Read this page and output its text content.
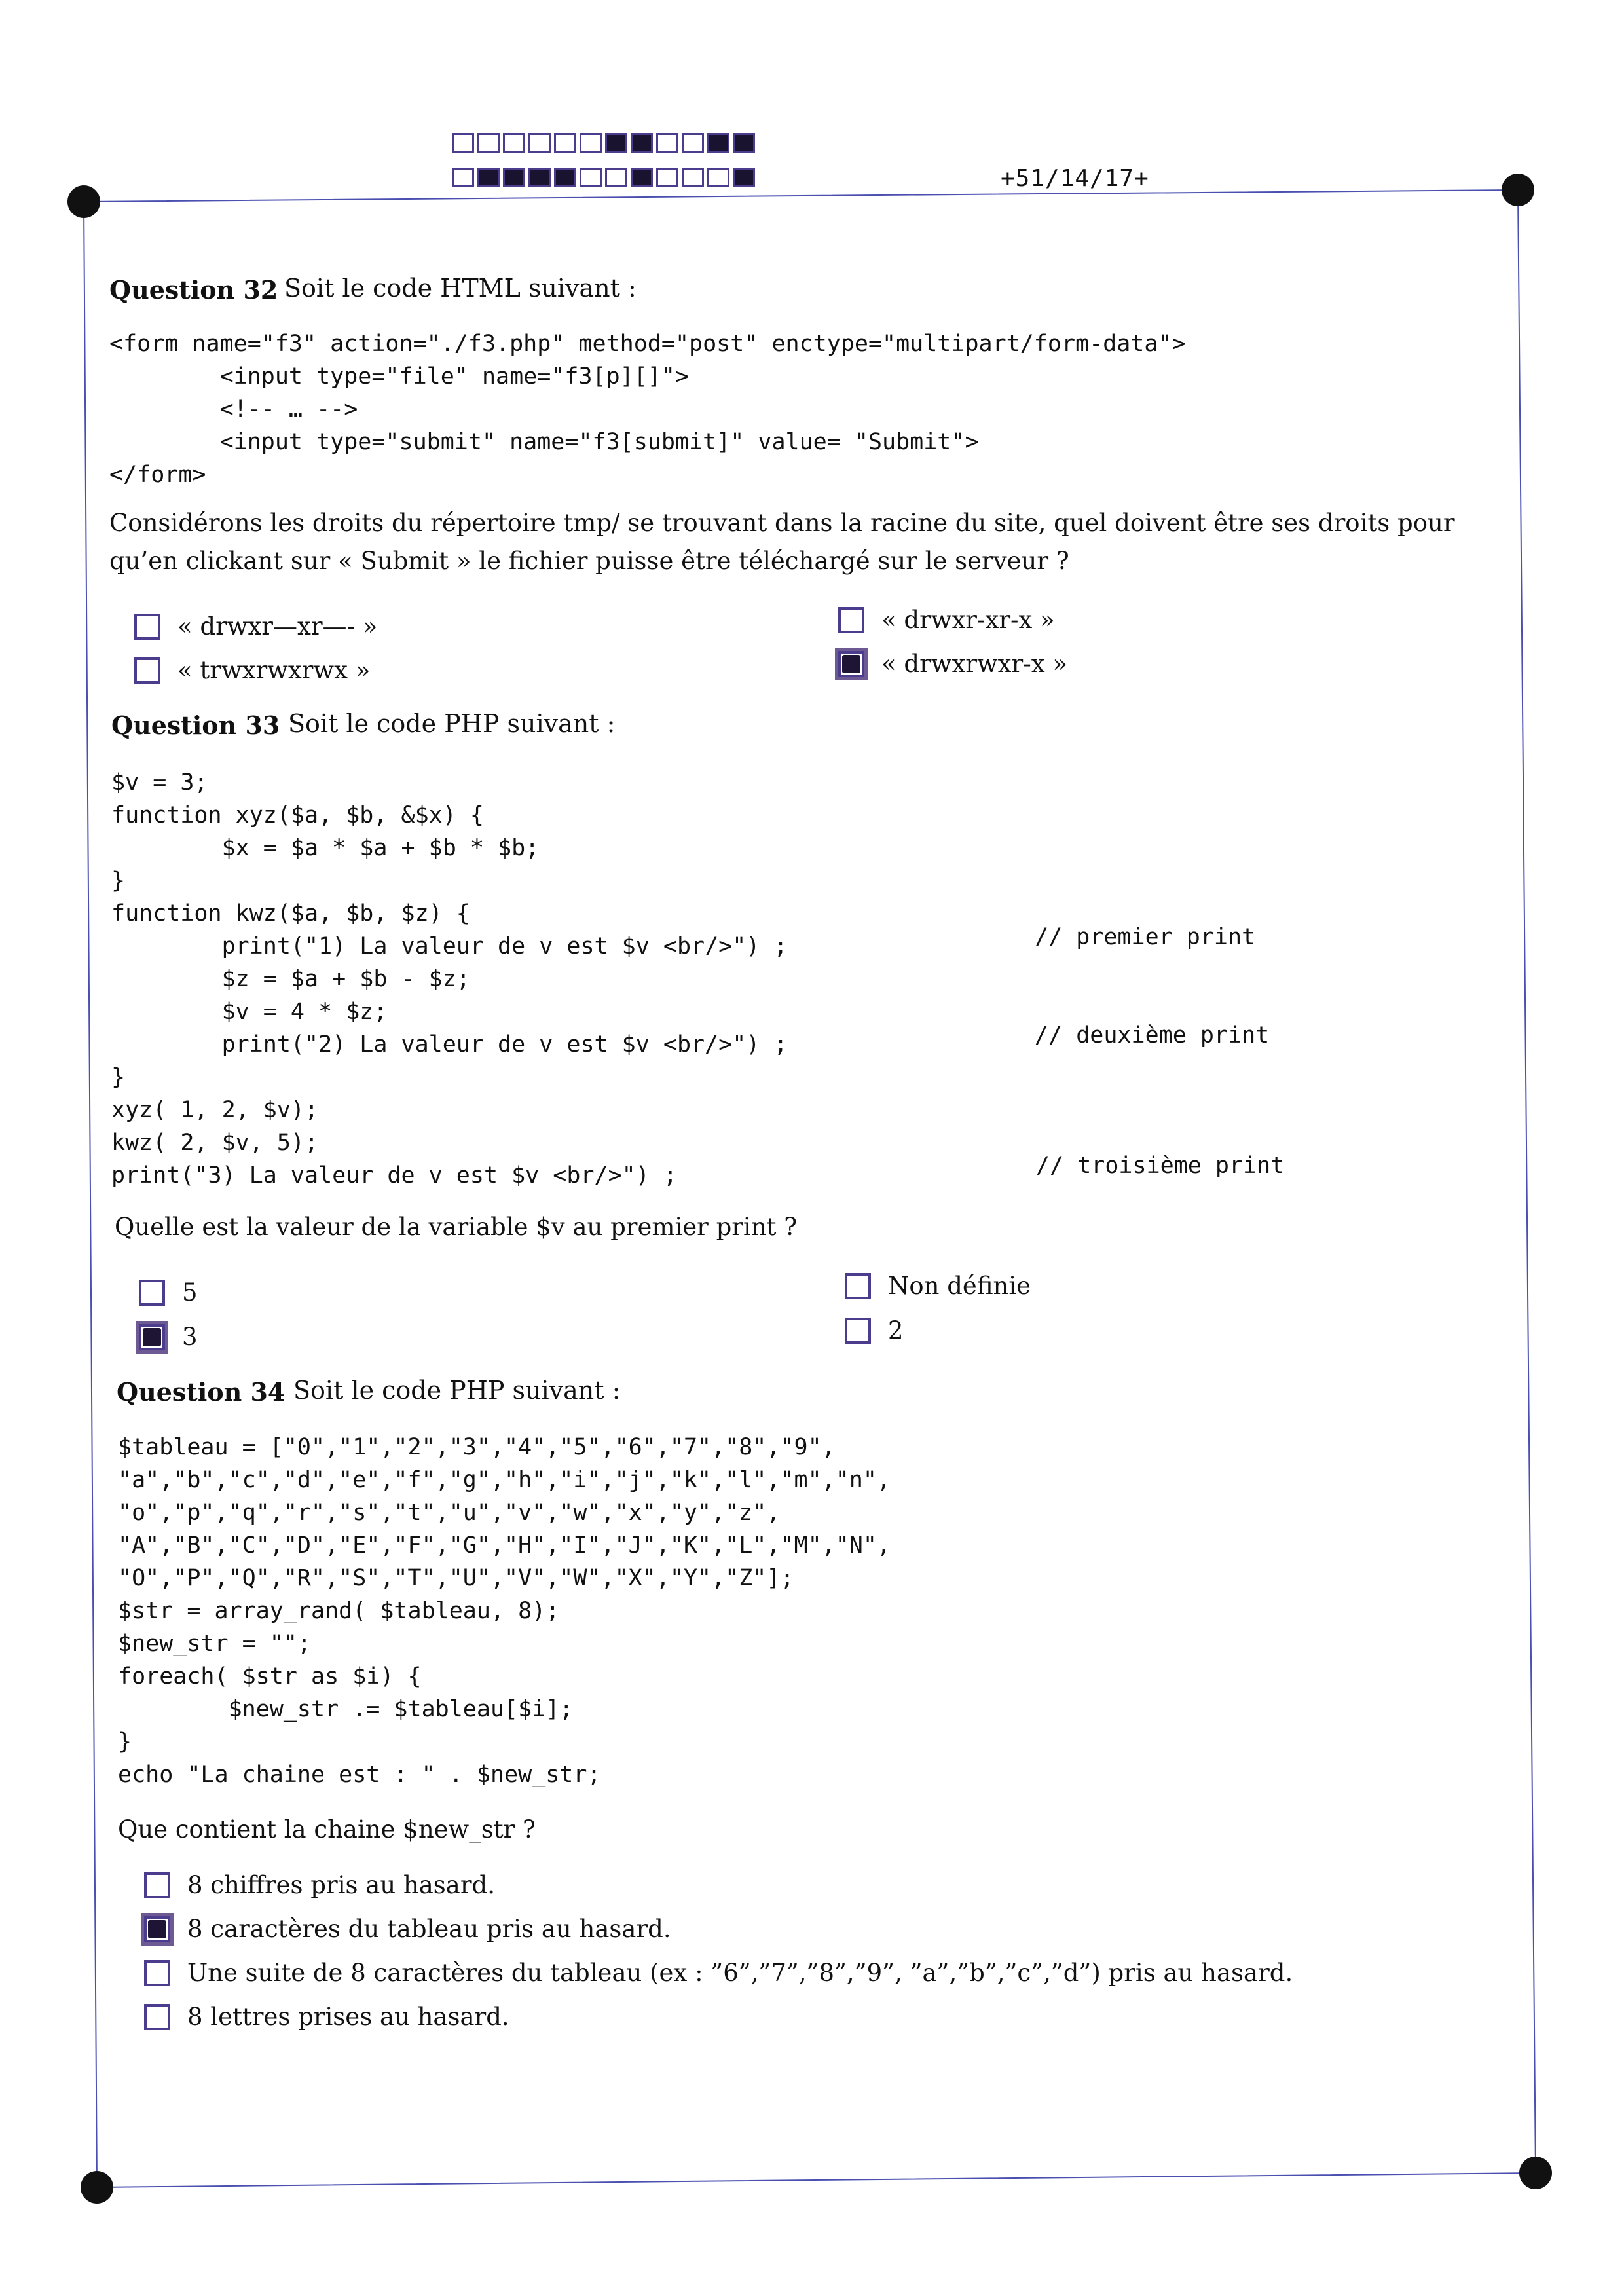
+51/14/17+
Question 32 Soit le code HTML suivant :
<form name="f3" action="./f3.php" method="post" enctype="multipart/form-data">
<input type="file" name="f3[p][]">
<!-- … -->
<input type="submit" name="f3[submit]" value= "Submit">
</form>
Considérons les droits du répertoire tmp/ se trouvant dans la racine du site, quel doivent être ses droits pour qu’en clickant sur « Submit » le fichier puisse être téléchargé sur le serveur ?
« drwxr—xr—- »
« trwxrwxrwx »
« drwxr-xr-x »
« drwxrwxr-x »
Question 33 Soit le code PHP suivant :
$v = 3;
function xyz($a, $b, &$x) {
$x = $a * $a + $b * $b;
}
function kwz($a, $b, $z) {
print("1) La valeur de v est $v <br/>") ;
$z = $a + $b - $z;
$v = 4 * $z;
print("2) La valeur de v est $v <br/>") ;
}
xyz( 1, 2, $v);
kwz( 2, $v, 5);
print("3) La valeur de v est $v <br/>") ;
// premier print
// deuxième print
// troisième print
Quelle est la valeur de la variable $v au premier print ?
5
3
Non définie
2
Question 34 Soit le code PHP suivant :
$tableau = ["0","1","2","3","4","5","6","7","8","9",
"a","b","c","d","e","f","g","h","i","j","k","l","m","n",
"o","p","q","r","s","t","u","v","w","x","y","z",
"A","B","C","D","E","F","G","H","I","J","K","L","M","N",
"O","P","Q","R","S","T","U","V","W","X","Y","Z"];
$str = array_rand( $tableau, 8);
$new_str = "";
foreach( $str as $i) {
$new_str .= $tableau[$i];
}
echo "La chaine est : " . $new_str;
Que contient la chaine $new_str ?
8 chiffres pris au hasard.
8 caractères du tableau pris au hasard.
Une suite de 8 caractères du tableau (ex : ”6”,”7”,”8”,”9”, ”a”,”b”,”c”,”d”) pris au hasard.
8 lettres prises au hasard.
